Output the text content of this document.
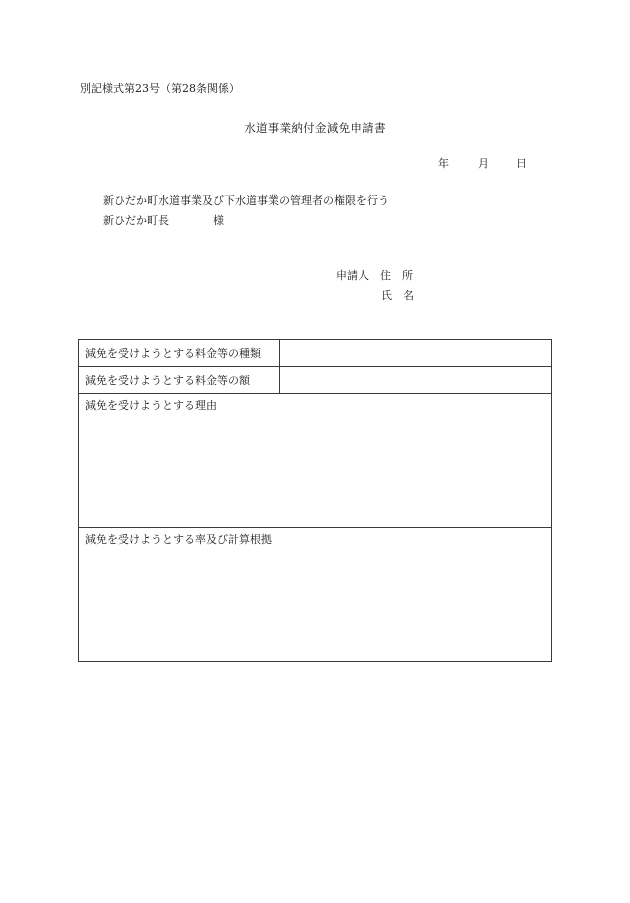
別記様式第23号（第28条関係）
水道事業納付金減免申請書
年	月 日
新ひだか町水道事業及び下水道事業の管理者の権限を行う
新ひだか町長	様
申請人 住所
氏名
減免を受けようとする料金等の種類
減免を受けようとする料金等の額
減免を受けようとする理由
減免を受けようとする率及び計算根拠
